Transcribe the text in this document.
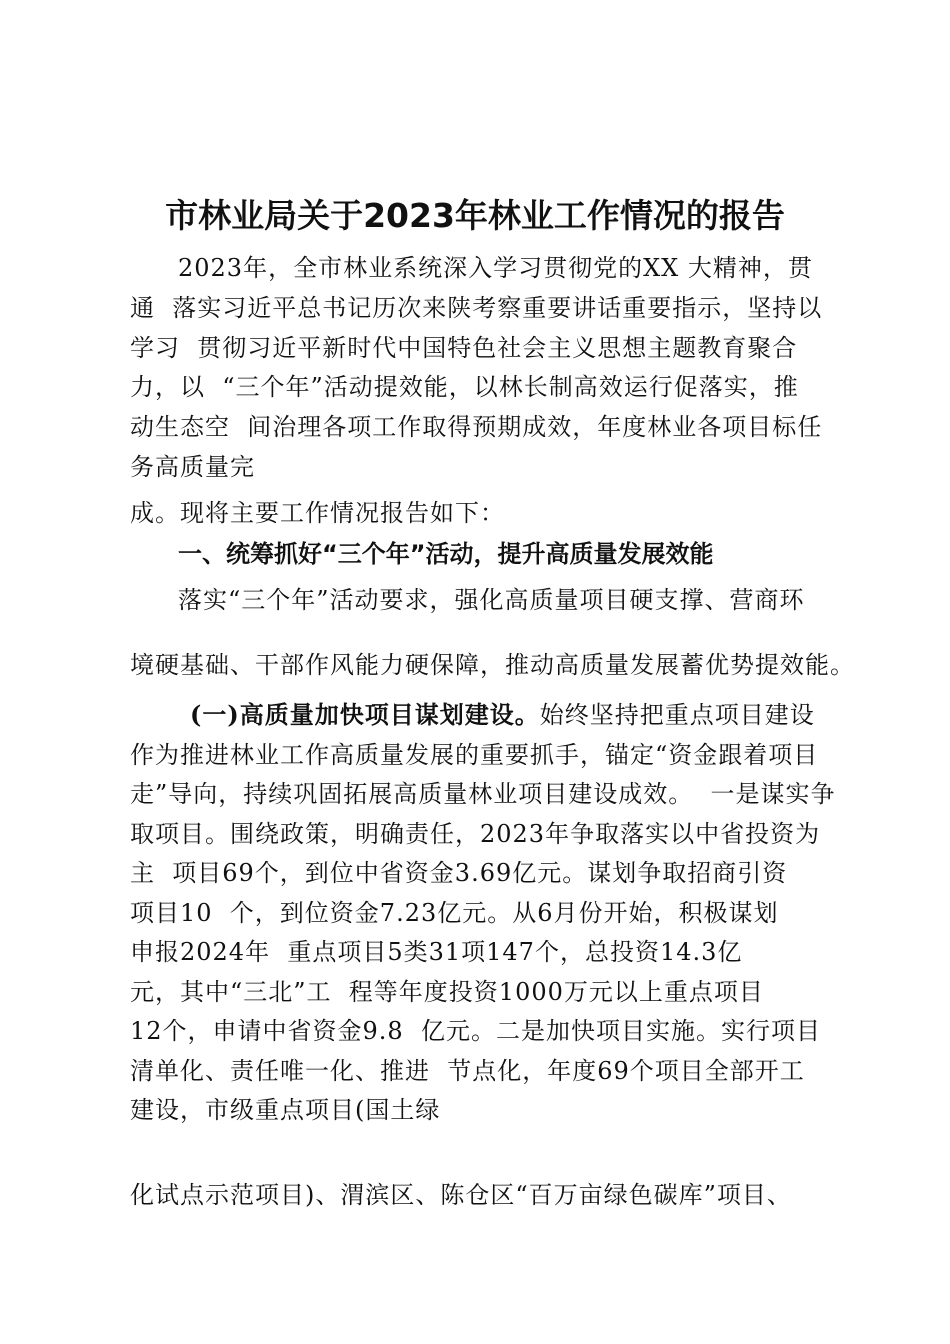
市林业局关于2023年林业工作情况的报告

2023年，全市林业系统深入学习贯彻党的XX 大精神，贯

通  落实习近平总书记历次来陕考察重要讲话重要指示，坚持以

学习  贯彻习近平新时代中国特色社会主义思想主题教育聚合

力，以  “三个年”活动提效能，以林长制高效运行促落实，推

动生态空  间治理各项工作取得预期成效，年度林业各项目标任

务高质量完

成。现将主要工作情况报告如下：

一、统筹抓好“三个年”活动，提升高质量发展效能

落实“三个年”活动要求，强化高质量项目硬支撑、营商环

境硬基础、干部作风能力硬保障，推动高质量发展蓄优势提效能。

(一)高质量加快项目谋划建设。始终坚持把重点项目建设

作为推进林业工作高质量发展的重要抓手，锚定“资金跟着项目

走”导向，持续巩固拓展高质量林业项目建设成效。  一是谋实争

取项目。围绕政策，明确责任，2023年争取落实以中省投资为

主  项目69个，到位中省资金3.69亿元。谋划争取招商引资

项目10  个，到位资金7.23亿元。从6月份开始，积极谋划

申报2024年  重点项目5类31项147个，总投资14.3亿

元，其中“三北”工  程等年度投资1000万元以上重点项目

12个，申请中省资金9.8  亿元。二是加快项目实施。实行项目

清单化、责任唯一化、推进  节点化，年度69个项目全部开工

建设，市级重点项目(国土绿

化试点示范项目)、渭滨区、陈仓区“百万亩绿色碳库”项目、
